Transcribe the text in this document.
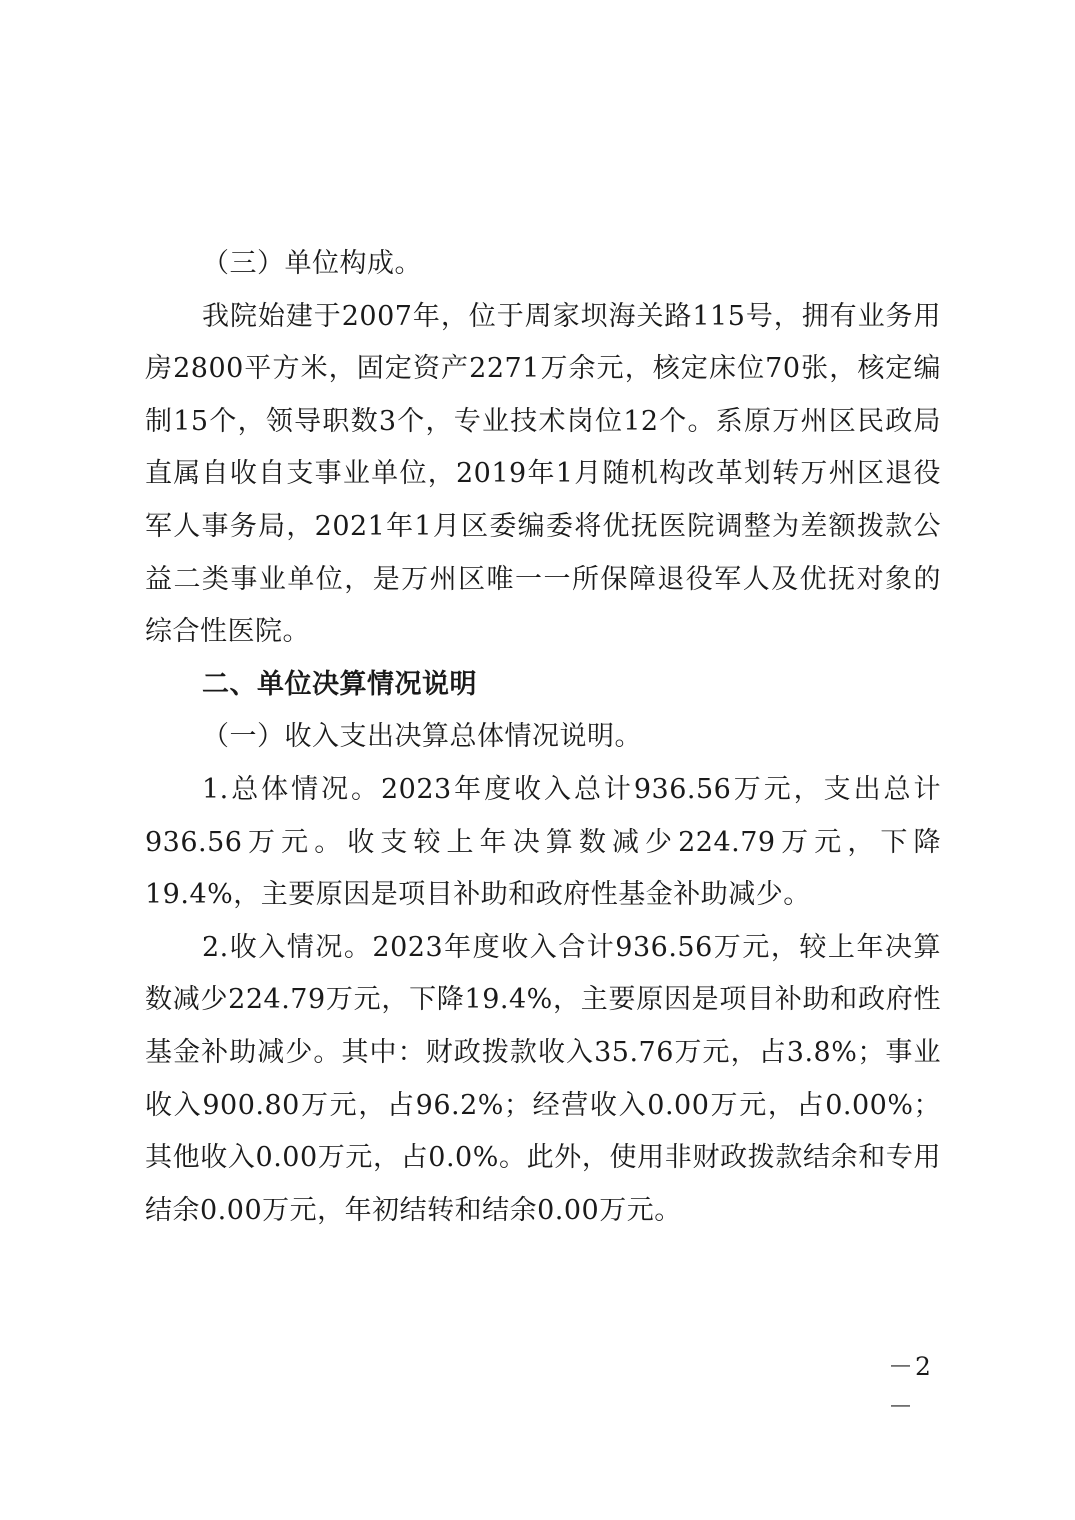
（三）单位构成。

我院始建于2007年，位于周家坝海关路115号，拥有业务用房2800平方米，固定资产2271万余元，核定床位70张，核定编制15个，领导职数3个，专业技术岗位12个。系原万州区民政局直属自收自支事业单位，2019年1月随机构改革划转万州区退役军人事务局，2021年1月区委编委将优抚医院调整为差额拨款公益二类事业单位，是万州区唯一一所保障退役军人及优抚对象的综合性医院。

二、单位决算情况说明

（一）收入支出决算总体情况说明。

1.总体情况。2023年度收入总计936.56万元，支出总计936.56万元。收支较上年决算数减少224.79万元，下降19.4%，主要原因是项目补助和政府性基金补助减少。

2.收入情况。2023年度收入合计936.56万元，较上年决算数减少224.79万元，下降19.4%，主要原因是项目补助和政府性基金补助减少。其中：财政拨款收入35.76万元，占3.8%；事业收入900.80万元，占96.2%；经营收入0.00万元，占0.00%；其他收入0.00万元，占0.0%。此外，使用非财政拨款结余和专用结余0.00万元，年初结转和结余0.00万元。

－2－
